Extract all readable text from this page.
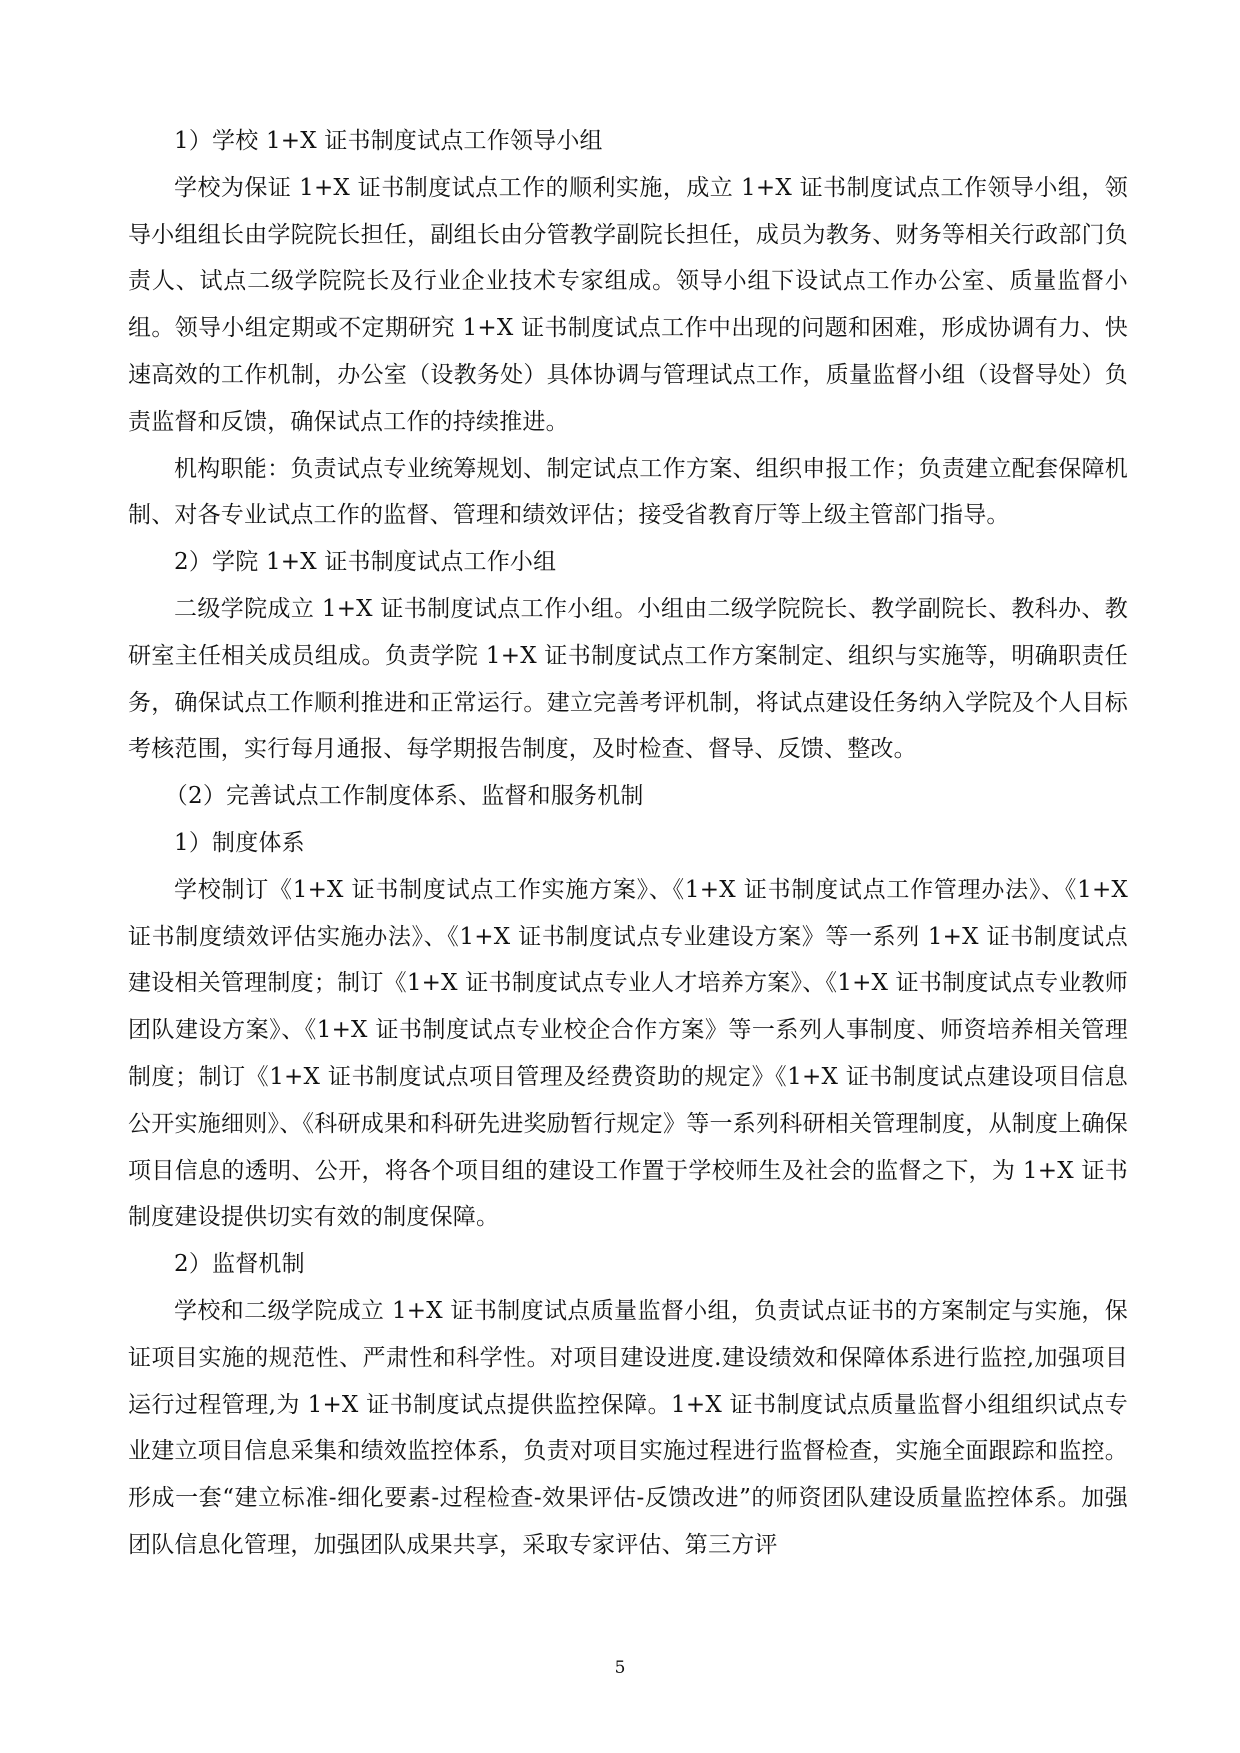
1）学校 1+X 证书制度试点工作领导小组

学校为保证 1+X 证书制度试点工作的顺利实施，成立 1+X 证书制度试点工作领导小组，领导小组组长由学院院长担任，副组长由分管教学副院长担任，成员为教务、财务等相关行政部门负责人、试点二级学院院长及行业企业技术专家组成。领导小组下设试点工作办公室、质量监督小组。领导小组定期或不定期研究 1+X 证书制度试点工作中出现的问题和困难，形成协调有力、快速高效的工作机制，办公室（设教务处）具体协调与管理试点工作，质量监督小组（设督导处）负责监督和反馈，确保试点工作的持续推进。

机构职能：负责试点专业统筹规划、制定试点工作方案、组织申报工作；负责建立配套保障机制、对各专业试点工作的监督、管理和绩效评估；接受省教育厅等上级主管部门指导。

2）学院 1+X 证书制度试点工作小组

二级学院成立 1+X 证书制度试点工作小组。小组由二级学院院长、教学副院长、教科办、教研室主任相关成员组成。负责学院 1+X 证书制度试点工作方案制定、组织与实施等，明确职责任务，确保试点工作顺利推进和正常运行。建立完善考评机制，将试点建设任务纳入学院及个人目标考核范围，实行每月通报、每学期报告制度，及时检查、督导、反馈、整改。

（2）完善试点工作制度体系、监督和服务机制

1）制度体系

学校制订《1+X 证书制度试点工作实施方案》、《1+X 证书制度试点工作管理办法》、《1+X 证书制度绩效评估实施办法》、《1+X 证书制度试点专业建设方案》等一系列 1+X 证书制度试点建设相关管理制度；制订《1+X 证书制度试点专业人才培养方案》、《1+X 证书制度试点专业教师团队建设方案》、《1+X 证书制度试点专业校企合作方案》等一系列人事制度、师资培养相关管理制度；制订《1+X 证书制度试点项目管理及经费资助的规定》《1+X 证书制度试点建设项目信息公开实施细则》、《科研成果和科研先进奖励暂行规定》等一系列科研相关管理制度，从制度上确保项目信息的透明、公开，将各个项目组的建设工作置于学校师生及社会的监督之下，为 1+X 证书制度建设提供切实有效的制度保障。

2）监督机制

学校和二级学院成立 1+X 证书制度试点质量监督小组，负责试点证书的方案制定与实施，保证项目实施的规范性、严肃性和科学性。对项目建设进度.建设绩效和保障体系进行监控,加强项目运行过程管理,为 1+X 证书制度试点提供监控保障。1+X 证书制度试点质量监督小组组织试点专业建立项目信息采集和绩效监控体系，负责对项目实施过程进行监督检查，实施全面跟踪和监控。形成一套“建立标准-细化要素-过程检查-效果评估-反馈改进”的师资团队建设质量监控体系。加强团队信息化管理，加强团队成果共享，采取专家评估、第三方评

5
